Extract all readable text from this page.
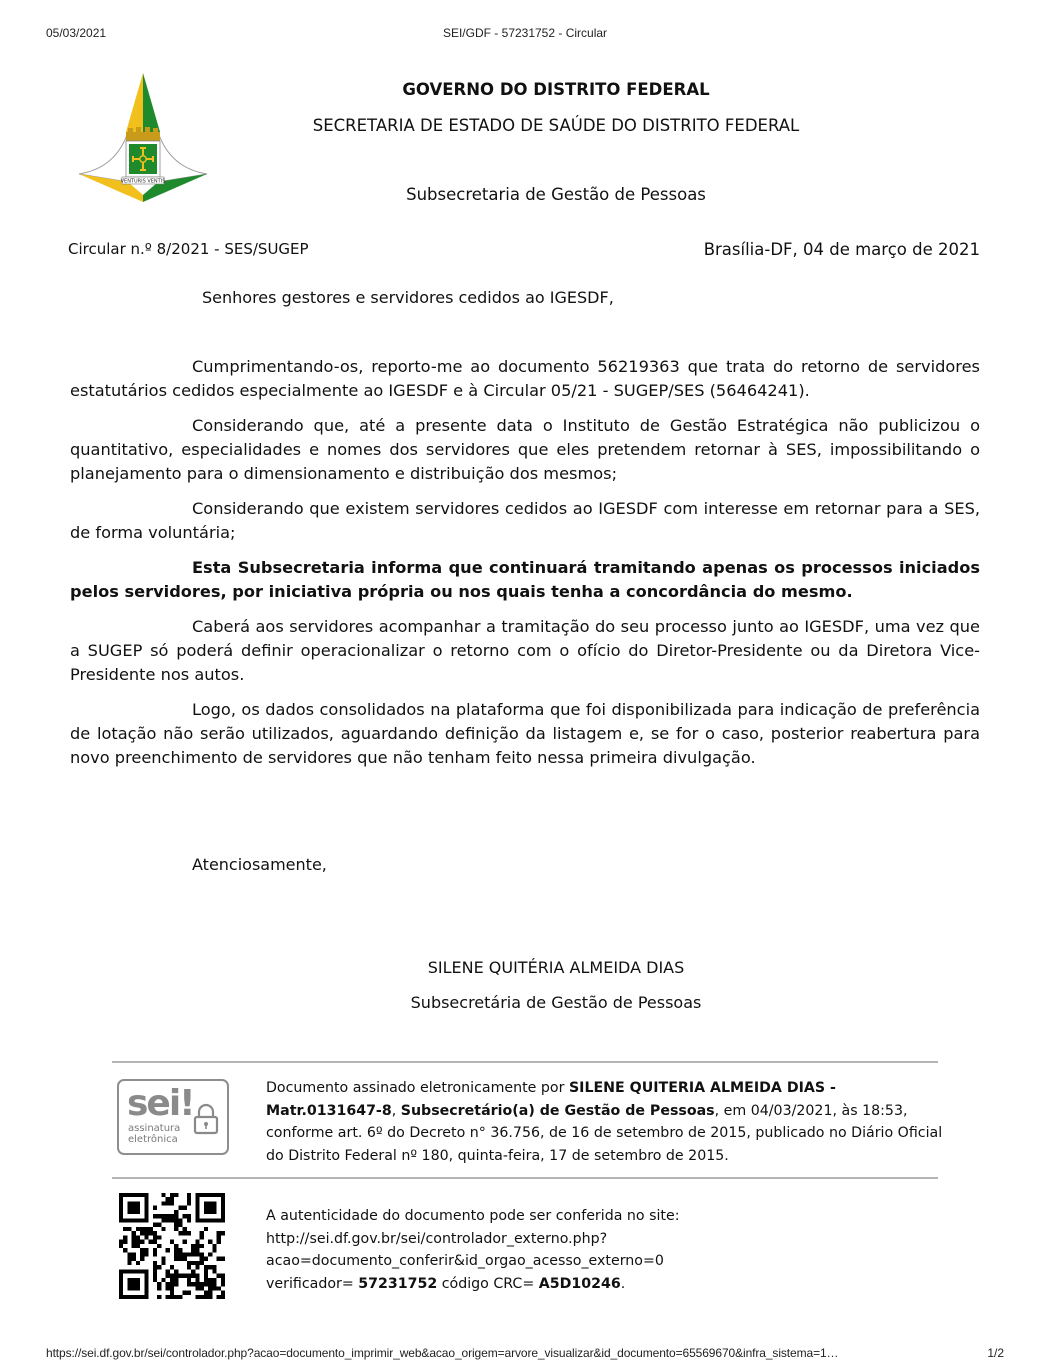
05/03/2021	SEI/GDF - 57231752 - Circular
VENTURIS VENTIS
GOVERNO DO DISTRITO FEDERAL
SECRETARIA DE ESTADO DE SAÚDE DO DISTRITO FEDERAL
Subsecretaria de Gestão de Pessoas
Circular n.º 8/2021 - SES/SUGEP	Brasília-DF, 04 de março de 2021
Senhores gestores e servidores cedidos ao IGESDF,

Cumprimentando-os, reporto-me ao documento 56219363 que trata do retorno de servidores estatutários cedidos especialmente ao IGESDF e à Circular 05/21 - SUGEP/SES (56464241).

Considerando que, até a presente data o Instituto de Gestão Estratégica não publicizou o quantitativo, especialidades e nomes dos servidores que eles pretendem retornar à SES, impossibilitando o planejamento para o dimensionamento e distribuição dos mesmos;

Considerando que existem servidores cedidos ao IGESDF com interesse em retornar para a SES, de forma voluntária;

Esta Subsecretaria informa que continuará tramitando apenas os processos iniciados pelos servidores, por iniciativa própria ou nos quais tenha a concordância do mesmo.

Caberá aos servidores acompanhar a tramitação do seu processo junto ao IGESDF, uma vez que a SUGEP só poderá definir operacionalizar o retorno com o ofício do Diretor-Presidente ou da Diretora Vice-Presidente nos autos.

Logo, os dados consolidados na plataforma que foi disponibilizada para indicação de preferência de lotação não serão utilizados, aguardando definição da listagem e, se for o caso, posterior reabertura para novo preenchimento de servidores que não tenham feito nessa primeira divulgação.

Atenciosamente,
SILENE QUITÉRIA ALMEIDA DIAS
Subsecretária de Gestão de Pessoas
sei!
assinatura
eletrônica
Documento assinado eletronicamente por SILENE QUITERIA ALMEIDA DIAS - Matr.0131647-8, Subsecretário(a) de Gestão de Pessoas, em 04/03/2021, às 18:53, conforme art. 6º do Decreto n° 36.756, de 16 de setembro de 2015, publicado no Diário Oficial do Distrito Federal nº 180, quinta-feira, 17 de setembro de 2015.
A autenticidade do documento pode ser conferida no site:
http://sei.df.gov.br/sei/controlador_externo.php?
acao=documento_conferir&id_orgao_acesso_externo=0
verificador= 57231752 código CRC= A5D10246.
https://sei.df.gov.br/sei/controlador.php?acao=documento_imprimir_web&acao_origem=arvore_visualizar&id_documento=65569670&infra_sistema=1…	1/2
